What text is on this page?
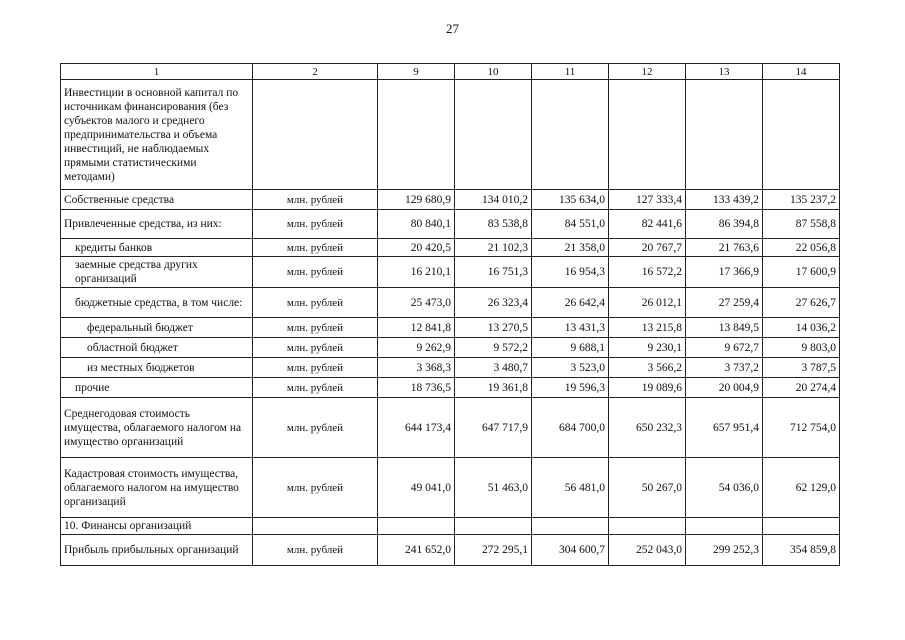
27
1	2	9	10	11	12	13	14
Инвестиции в основной капитал по источникам финансирования (без субъектов малого и среднего предпринимательства и объема инвестиций, не наблюдаемых прямыми статистическими методами)							
Собственные средства	млн. рублей	129 680,9	134 010,2	135 634,0	127 333,4	133 439,2	135 237,2
Привлеченные средства, из них:	млн. рублей	80 840,1	83 538,8	84 551,0	82 441,6	86 394,8	87 558,8
кредиты банков	млн. рублей	20 420,5	21 102,3	21 358,0	20 767,7	21 763,6	22 056,8
заемные средства других организаций	млн. рублей	16 210,1	16 751,3	16 954,3	16 572,2	17 366,9	17 600,9
бюджетные средства, в том числе:	млн. рублей	25 473,0	26 323,4	26 642,4	26 012,1	27 259,4	27 626,7
федеральный бюджет	млн. рублей	12 841,8	13 270,5	13 431,3	13 215,8	13 849,5	14 036,2
областной бюджет	млн. рублей	9 262,9	9 572,2	9 688,1	9 230,1	9 672,7	9 803,0
из местных бюджетов	млн. рублей	3 368,3	3 480,7	3 523,0	3 566,2	3 737,2	3 787,5
прочие	млн. рублей	18 736,5	19 361,8	19 596,3	19 089,6	20 004,9	20 274,4
Среднегодовая стоимость имущества, облагаемого налогом на имущество организаций	млн. рублей	644 173,4	647 717,9	684 700,0	650 232,3	657 951,4	712 754,0
Кадастровая стоимость имущества, облагаемого налогом на имущество организаций	млн. рублей	49 041,0	51 463,0	56 481,0	50 267,0	54 036,0	62 129,0
10. Финансы организаций							
Прибыль прибыльных организаций	млн. рублей	241 652,0	272 295,1	304 600,7	252 043,0	299 252,3	354 859,8
